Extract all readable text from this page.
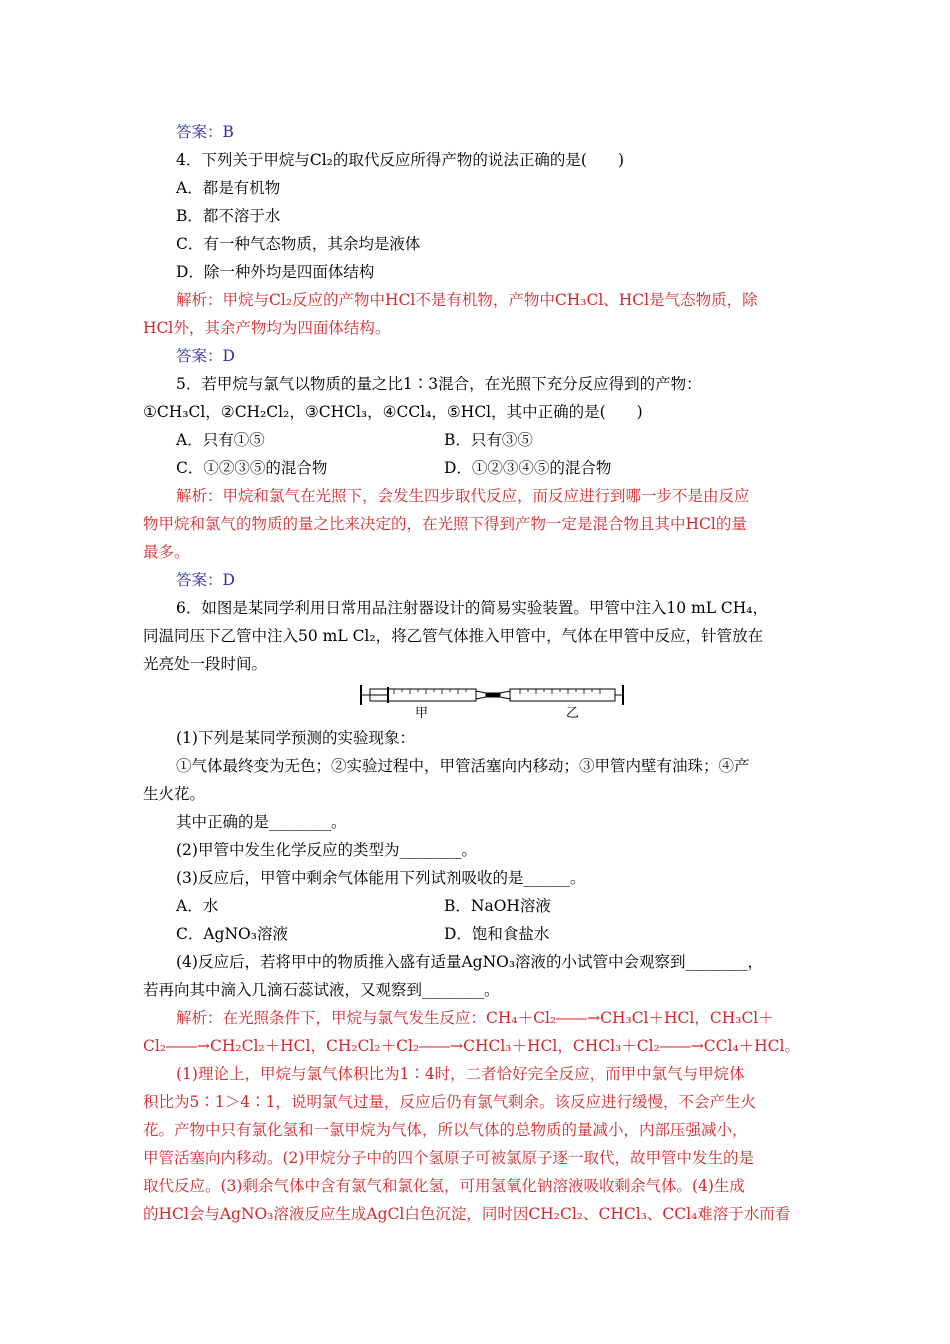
答案：B
4．下列关于甲烷与Cl₂的取代反应所得产物的说法正确的是(　　)
A．都是有机物
B．都不溶于水
C．有一种气态物质，其余均是液体
D．除一种外均是四面体结构
解析：甲烷与Cl₂反应的产物中HCl不是有机物，产物中CH₃Cl、HCl是气态物质，除
HCl外，其余产物均为四面体结构。
答案：D
5．若甲烷与氯气以物质的量之比1∶3混合，在光照下充分反应得到的产物：
①CH₃Cl，②CH₂Cl₂，③CHCl₃，④CCl₄，⑤HCl，其中正确的是(　　)
A．只有①⑤	B．只有③⑤
C．①②③⑤的混合物	D．①②③④⑤的混合物
解析：甲烷和氯气在光照下，会发生四步取代反应，而反应进行到哪一步不是由反应
物甲烷和氯气的物质的量之比来决定的，在光照下得到产物一定是混合物且其中HCl的量
最多。
答案：D
6．如图是某同学利用日常用品注射器设计的简易实验装置。甲管中注入10 mL CH₄，
同温同压下乙管中注入50 mL Cl₂，将乙管气体推入甲管中，气体在甲管中反应，针管放在
光亮处一段时间。
甲	乙
(1)下列是某同学预测的实验现象：
①气体最终变为无色；②实验过程中，甲管活塞向内移动；③甲管内壁有油珠；④产
生火花。
其中正确的是________。
(2)甲管中发生化学反应的类型为________。
(3)反应后，甲管中剩余气体能用下列试剂吸收的是______。
A．水	B．NaOH溶液
C．AgNO₃溶液	D．饱和食盐水
(4)反应后，若将甲中的物质推入盛有适量AgNO₃溶液的小试管中会观察到________，
若再向其中滴入几滴石蕊试液，又观察到________。
解析：在光照条件下，甲烷与氯气发生反应：CH₄＋Cl₂――→CH₃Cl＋HCl，CH₃Cl＋
Cl₂――→CH₂Cl₂＋HCl，CH₂Cl₂＋Cl₂――→CHCl₃＋HCl，CHCl₃＋Cl₂――→CCl₄＋HCl。
(1)理论上，甲烷与氯气体积比为1∶4时，二者恰好完全反应，而甲中氯气与甲烷体
积比为5∶1＞4∶1，说明氯气过量，反应后仍有氯气剩余。该反应进行缓慢，不会产生火
花。产物中只有氯化氢和一氯甲烷为气体，所以气体的总物质的量减小，内部压强减小，
甲管活塞向内移动。(2)甲烷分子中的四个氢原子可被氯原子逐一取代，故甲管中发生的是
取代反应。(3)剩余气体中含有氯气和氯化氢，可用氢氧化钠溶液吸收剩余气体。(4)生成
的HCl会与AgNO₃溶液反应生成AgCl白色沉淀，同时因CH₂Cl₂、CHCl₃、CCl₄难溶于水而看
